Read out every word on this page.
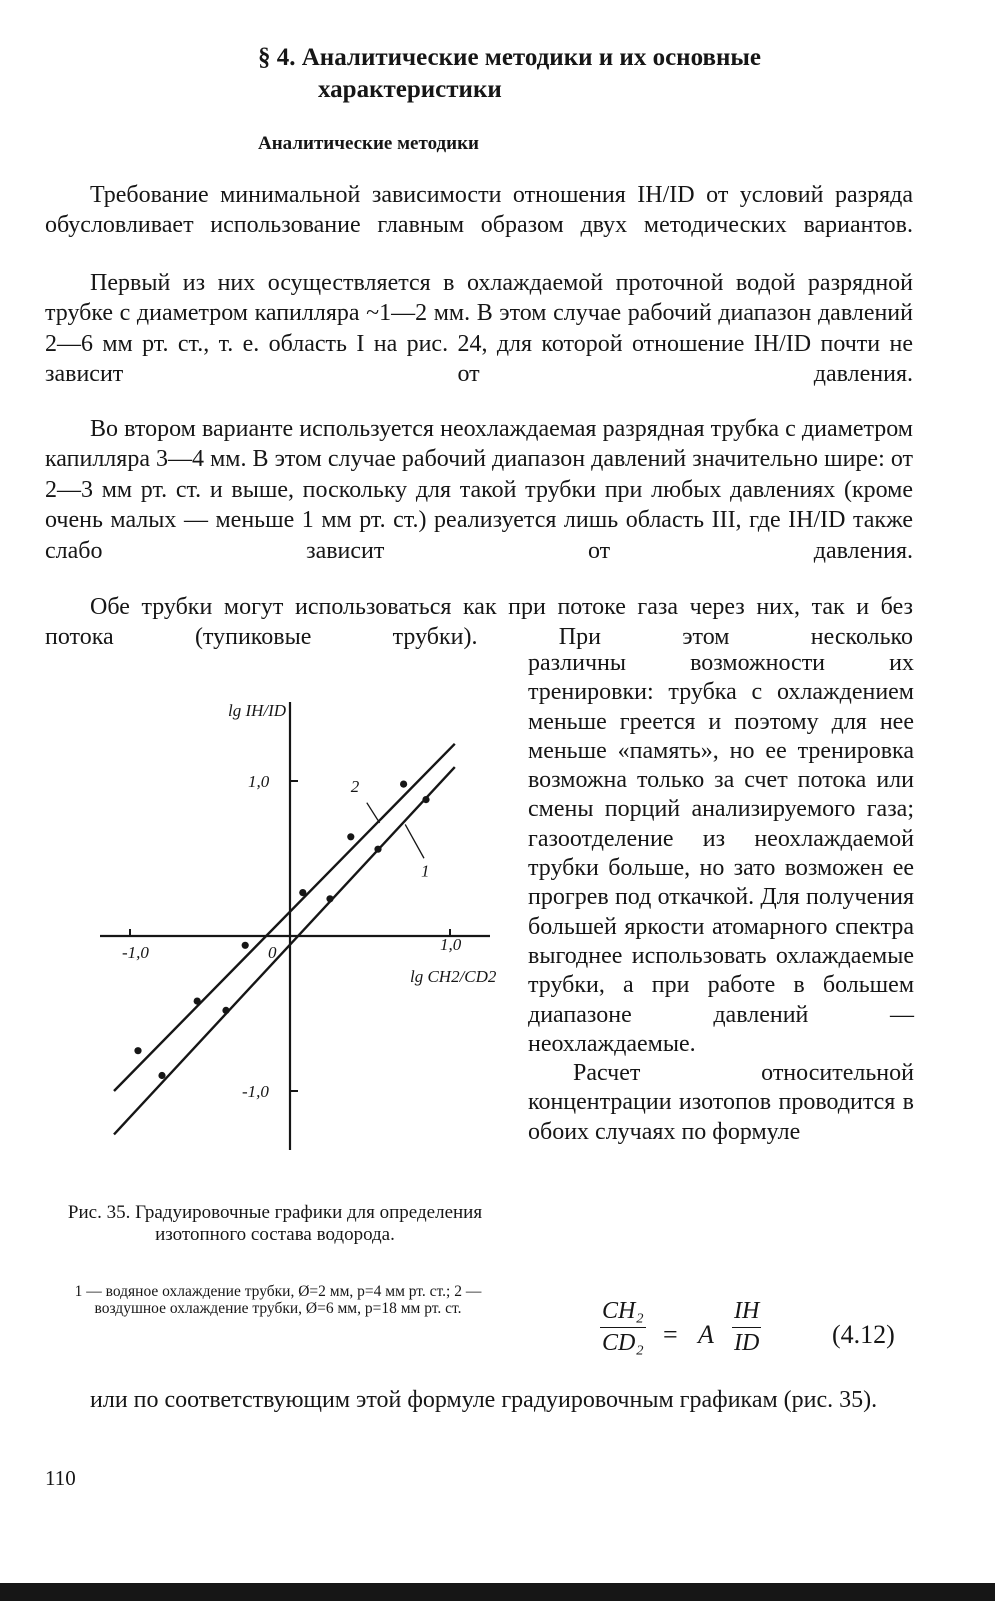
§ 4. Аналитические методики и их основные
характеристики
Аналитические методики

Требование минимальной зависимости отношения IH/ID от условий разряда обусловливает использование главным образом двух методических вариантов.

Первый из них осуществляется в охлаждаемой проточной водой разрядной трубке с диаметром капилляра ~1—2 мм. В этом случае рабочий диапазон давлений 2—6 мм рт. ст., т. е. область I на рис. 24, для которой отношение IH/ID почти не зависит от давления.

Во втором варианте используется неохлаждаемая разрядная трубка с диаметром капилляра 3—4 мм. В этом случае рабочий диапазон давлений значительно шире: от 2—3 мм рт. ст. и выше, поскольку для такой трубки при любых давлениях (кроме очень малых — меньше 1 мм рт. ст.) реализуется лишь область III, где IH/ID также слабо зависит от давления.

Обе трубки могут использоваться как при потоке газа через них, так и без потока (тупиковые трубки). При этом несколько

различны возможности их тренировки: трубка с охлаждением меньше греется и поэтому для нее меньше «память», но ее тренировка возможна только за счет потока или смены порций анализируемого газа; газоотделение из неохлаждаемой трубки больше, но зато возможен ее прогрев под откачкой. Для получения большей яркости атомарного спектра выгоднее использовать охлаждаемые трубки, а при работе в большем диапазоне давлений — неохлаждаемые.

Расчет относительной концентрации изотопов проводится в обоих случаях по формуле

-1,0	0	1,0
1,0
-1,0
lg IH/ID
lg CH2/CD2
1
2

Рис. 35. Градуировочные графики для определения изотопного состава водорода.

1 — водяное охлаждение трубки, Ø=2 мм, p=4 мм рт. ст.; 2 — воздушное охлаждение трубки, Ø=6 мм, p=18 мм рт. ст.	$\frac{\text{CH₂}}{\text{CD₂}} = A \frac{IH}{ID}$	(4.12)

или по соответствующим этой формуле градуировочным графикам (рис. 35).

110
